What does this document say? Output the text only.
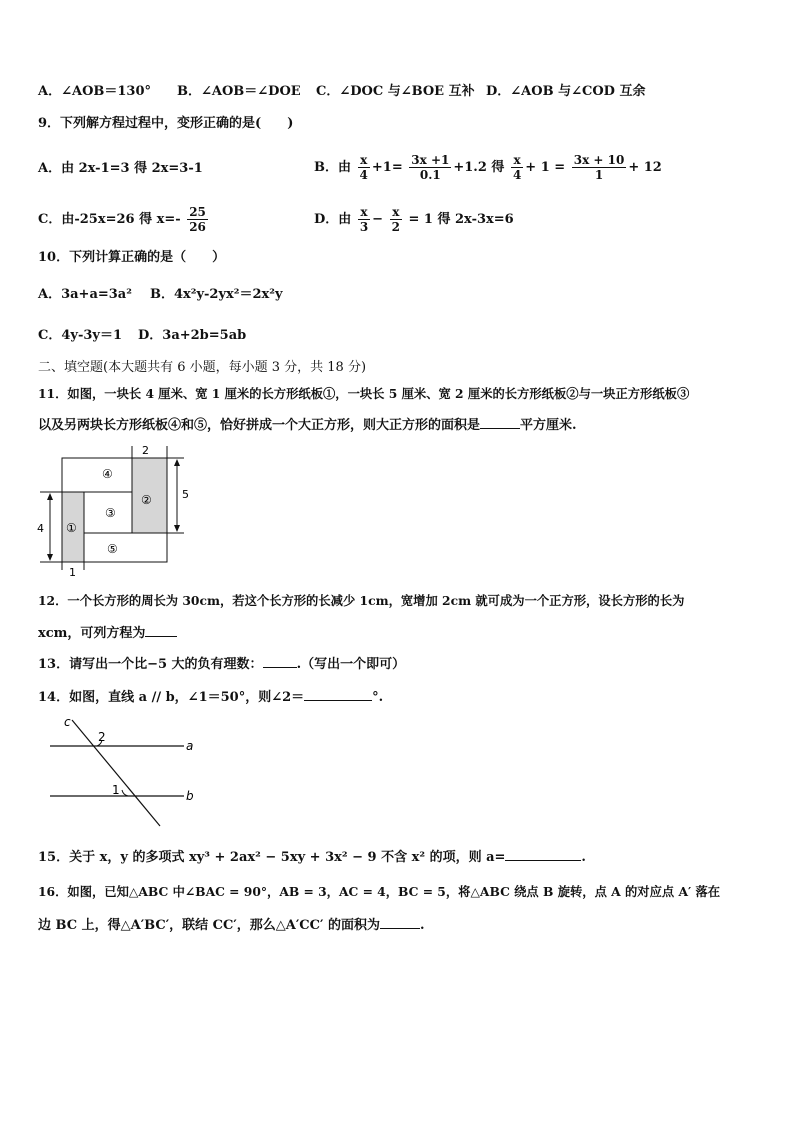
A．∠AOB＝130° B．∠AOB＝∠DOE C．∠DOC 与∠BOE 互补 D．∠AOB 与∠COD 互余
9．下列解方程过程中，变形正确的是(　　)
A．由 2x-1=3 得 2x=3-1	B．由 $\frac{x}{4} +1= \frac{3x +1}{0.1} +1.2$ 得 $\frac{x}{4} + 1 = \frac{3x + 10}{1} + 12$
C．由-25x=26 得 $x=- \frac{25}{26}$	D．由 $\frac{x}{3} - \frac{x}{2} = 1$ 得 2x-3x=6
10．下列计算正确的是（　　）
A．3a+a=3a² B．4x²y-2yx²＝2x²y
C．4y-3y＝1 D．3a+2b=5ab
二、填空题(本大题共有 6 小题，每小题 3 分，共 18 分)
11．如图，一块长 4 厘米、宽 1 厘米的长方形纸板①，一块长 5 厘米、宽 2 厘米的长方形纸板②与一块正方形纸板③
以及另两块长方形纸板④和⑤，恰好拼成一个大正方形，则大正方形的面积是	平方厘米.
2
5
4
1
④
②
③
①
⑤
12．一个长方形的周长为 30cm，若这个长方形的长减少 1cm，宽增加 2cm 就可成为一个正方形，设长方形的长为
xcm，可列方程为
13．请写出一个比−5 大的负有理数：	.（写出一个即可）
14．如图，直线 a // b，∠1＝50°，则∠2＝	°.
c
a
b
2
1
15．关于 x，y 的多项式 xy³ + 2ax² − 5xy + 3x² − 9 不含 x² 的项，则 a=	.
16．如图，已知△ABC 中∠BAC = 90°，AB = 3，AC = 4，BC = 5，将△ABC 绕点 B 旋转，点 A 的对应点 A′ 落在
边 BC 上，得△A′BC′，联结 CC′，那么△A′CC′ 的面积为	.
